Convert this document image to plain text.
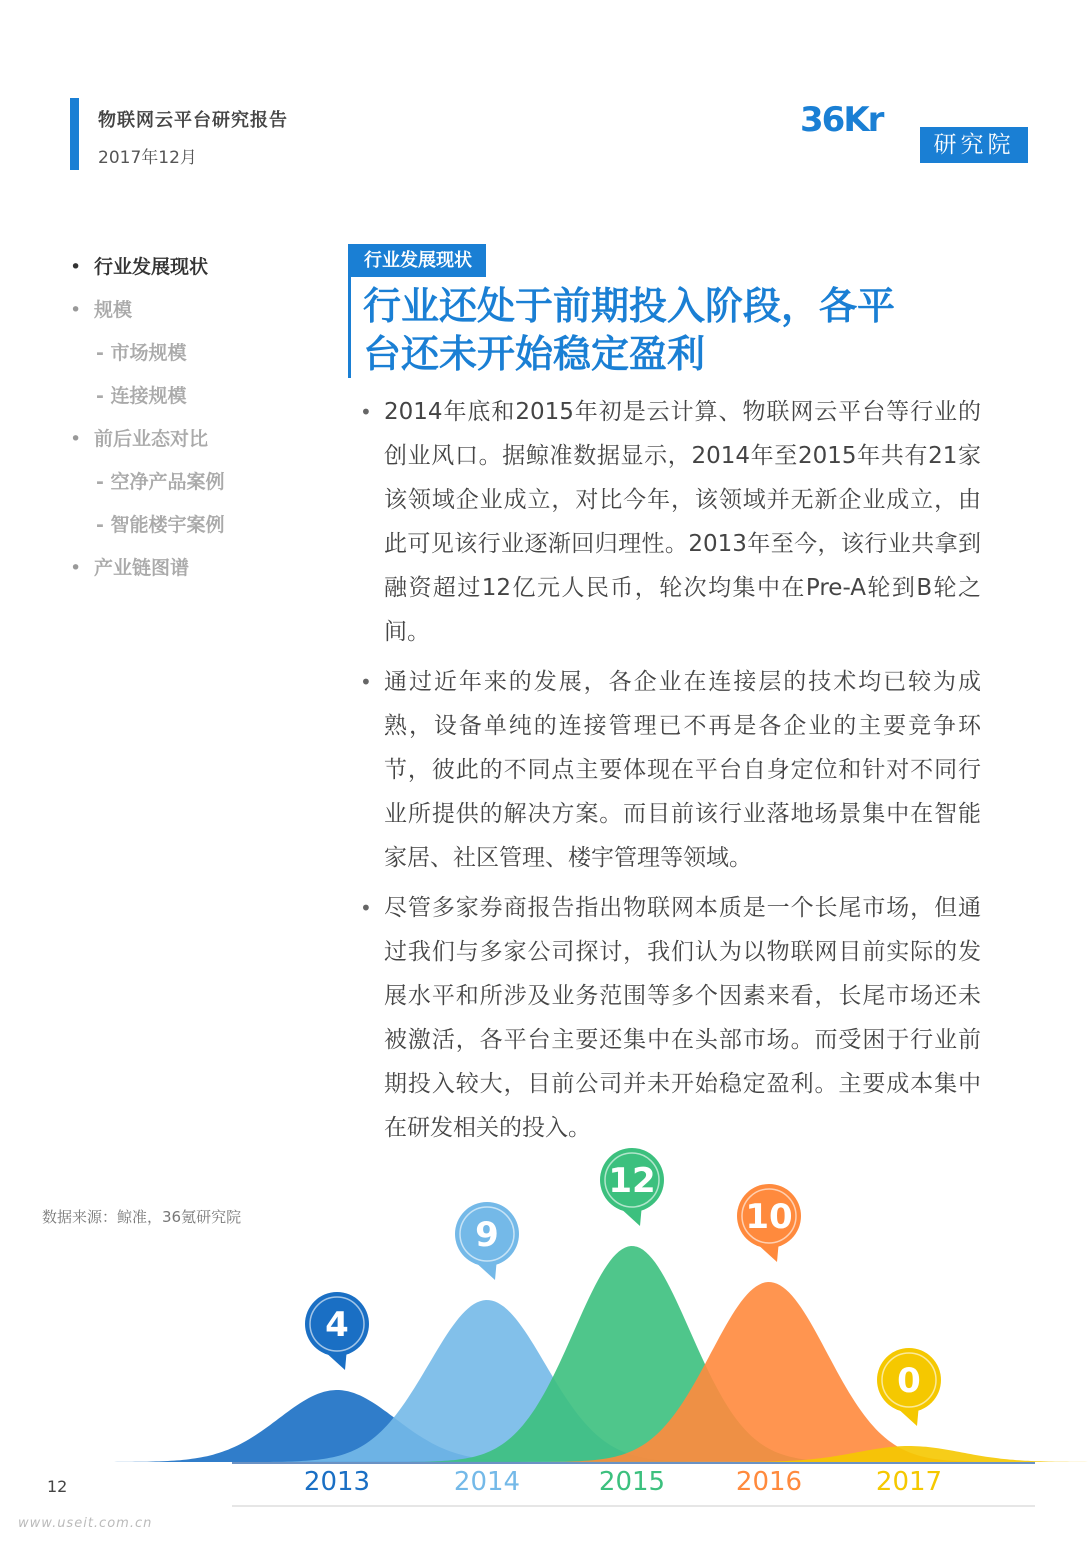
物联网云平台研究报告
2017年12月
36Kr
研究院
• 行业发展现状
• 规模
- 市场规模
- 连接规模
• 前后业态对比
- 空净产品案例
- 智能楼宇案例
• 产业链图谱
行业发展现状
行业还处于前期投入阶段，各平
台还未开始稳定盈利
• 2014年底和2015年初是云计算、物联网云平台等行业的创业风口。据鲸准数据显示，2014年至2015年共有21家该领域企业成立，对比今年，该领域并无新企业成立，由此可见该行业逐渐回归理性。2013年至今，该行业共拿到融资超过12亿元人民币，轮次均集中在Pre-A轮到B轮之间。
• 通过近年来的发展，各企业在连接层的技术均已较为成熟，设备单纯的连接管理已不再是各企业的主要竞争环节，彼此的不同点主要体现在平台自身定位和针对不同行业所提供的解决方案。而目前该行业落地场景集中在智能家居、社区管理、楼宇管理等领域。
• 尽管多家券商报告指出物联网本质是一个长尾市场，但通过我们与多家公司探讨，我们认为以物联网目前实际的发展水平和所涉及业务范围等多个因素来看，长尾市场还未被激活，各平台主要还集中在头部市场。而受困于行业前期投入较大，目前公司并未开始稳定盈利。主要成本集中在研发相关的投入。
数据来源：鲸准，36氪研究院
4
2013
9
2014
12
2015
10
2016
0
2017
12
www.useit.com.cn
